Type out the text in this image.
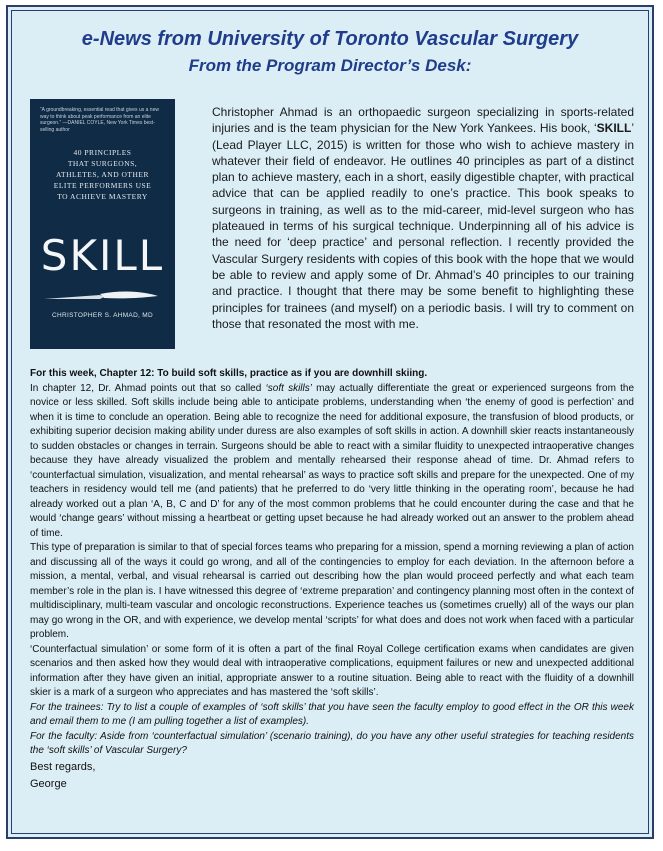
e-News from University of Toronto Vascular Surgery
From the Program Director’s Desk:
“A groundbreaking, essential read that gives us a new way to think about peak performance from an elite surgeon.” —DANIEL COYLE, New York Times best-selling author
40 PRINCIPLES
THAT SURGEONS,
ATHLETES, AND OTHER
ELITE PERFORMERS USE
TO ACHIEVE MASTERY
SKILL
CHRISTOPHER S. AHMAD, MD

Christopher Ahmad is an orthopaedic surgeon specializing in sports-related injuries and is the team physician for the New York Yankees. His book, ‘SKILL’ (Lead Player LLC, 2015) is written for those who wish to achieve mastery in whatever their field of endeavor. He outlines 40 principles as part of a distinct plan to achieve mastery, each in a short, easily digestible chapter, with practical advice that can be applied readily to one’s practice. This book speaks to surgeons in training, as well as to the mid-career, mid-level surgeon who has plateaued in terms of his surgical technique. Underpinning all of his advice is the need for ‘deep practice’ and personal reflection. I recently provided the Vascular Surgery residents with copies of this book with the hope that we would be able to review and apply some of Dr. Ahmad’s 40 principles to our training and practice. I thought that there may be some benefit to highlighting these principles for trainees (and myself) on a periodic basis. I will try to comment on those that resonated the most with me.

For this week, Chapter 12: To build soft skills, practice as if you are downhill skiing.

In chapter 12, Dr. Ahmad points out that so called ‘soft skills’ may actually differentiate the great or experienced surgeons from the novice or less skilled. Soft skills include being able to anticipate problems, understanding when ‘the enemy of good is perfection’ and when it is time to conclude an operation. Being able to recognize the need for additional exposure, the transfusion of blood products, or exhibiting superior decision making ability under duress are also examples of soft skills in action. A downhill skier reacts instantaneously to sudden obstacles or changes in terrain. Surgeons should be able to react with a similar fluidity to unexpected intraoperative changes because they have already visualized the problem and mentally rehearsed their response ahead of time. Dr. Ahmad refers to ‘counterfactual simulation, visualization, and mental rehearsal’ as ways to practice soft skills and prepare for the unexpected. One of my teachers in residency would tell me (and patients) that he preferred to do ‘very little thinking in the operating room’, because he had already worked out a plan ‘A, B, C and D’ for any of the most common problems that he could encounter during the case and that he would ‘change gears’ without missing a heartbeat or getting upset because he had already worked out an answer to the problem ahead of time.

This type of preparation is similar to that of special forces teams who preparing for a mission, spend a morning reviewing a plan of action and discussing all of the ways it could go wrong, and all of the contingencies to employ for each deviation. In the afternoon before a mission, a mental, verbal, and visual rehearsal is carried out describing how the plan would proceed perfectly and what each team member’s role in the plan is. I have witnessed this degree of ‘extreme preparation’ and contingency planning most often in the context of multidisciplinary, multi-team vascular and oncologic reconstructions. Experience teaches us (sometimes cruelly) all of the ways our plan may go wrong in the OR, and with experience, we develop mental ‘scripts’ for what does and does not work when faced with a particular problem.

‘Counterfactual simulation’ or some form of it is often a part of the final Royal College certification exams when candidates are given scenarios and then asked how they would deal with intraoperative complications, equipment failures or new and unexpected additional information after they have given an initial, appropriate answer to a routine situation. Being able to react with the fluidity of a downhill skier is a mark of a surgeon who appreciates and has mastered the ‘soft skills’.

For the trainees: Try to list a couple of examples of ‘soft skills’ that you have seen the faculty employ to good effect in the OR this week and email them to me (I am pulling together a list of examples).

For the faculty: Aside from ‘counterfactual simulation’ (scenario training), do you have any other useful strategies for teaching residents the ‘soft skills’ of Vascular Surgery?

Best regards,

George
